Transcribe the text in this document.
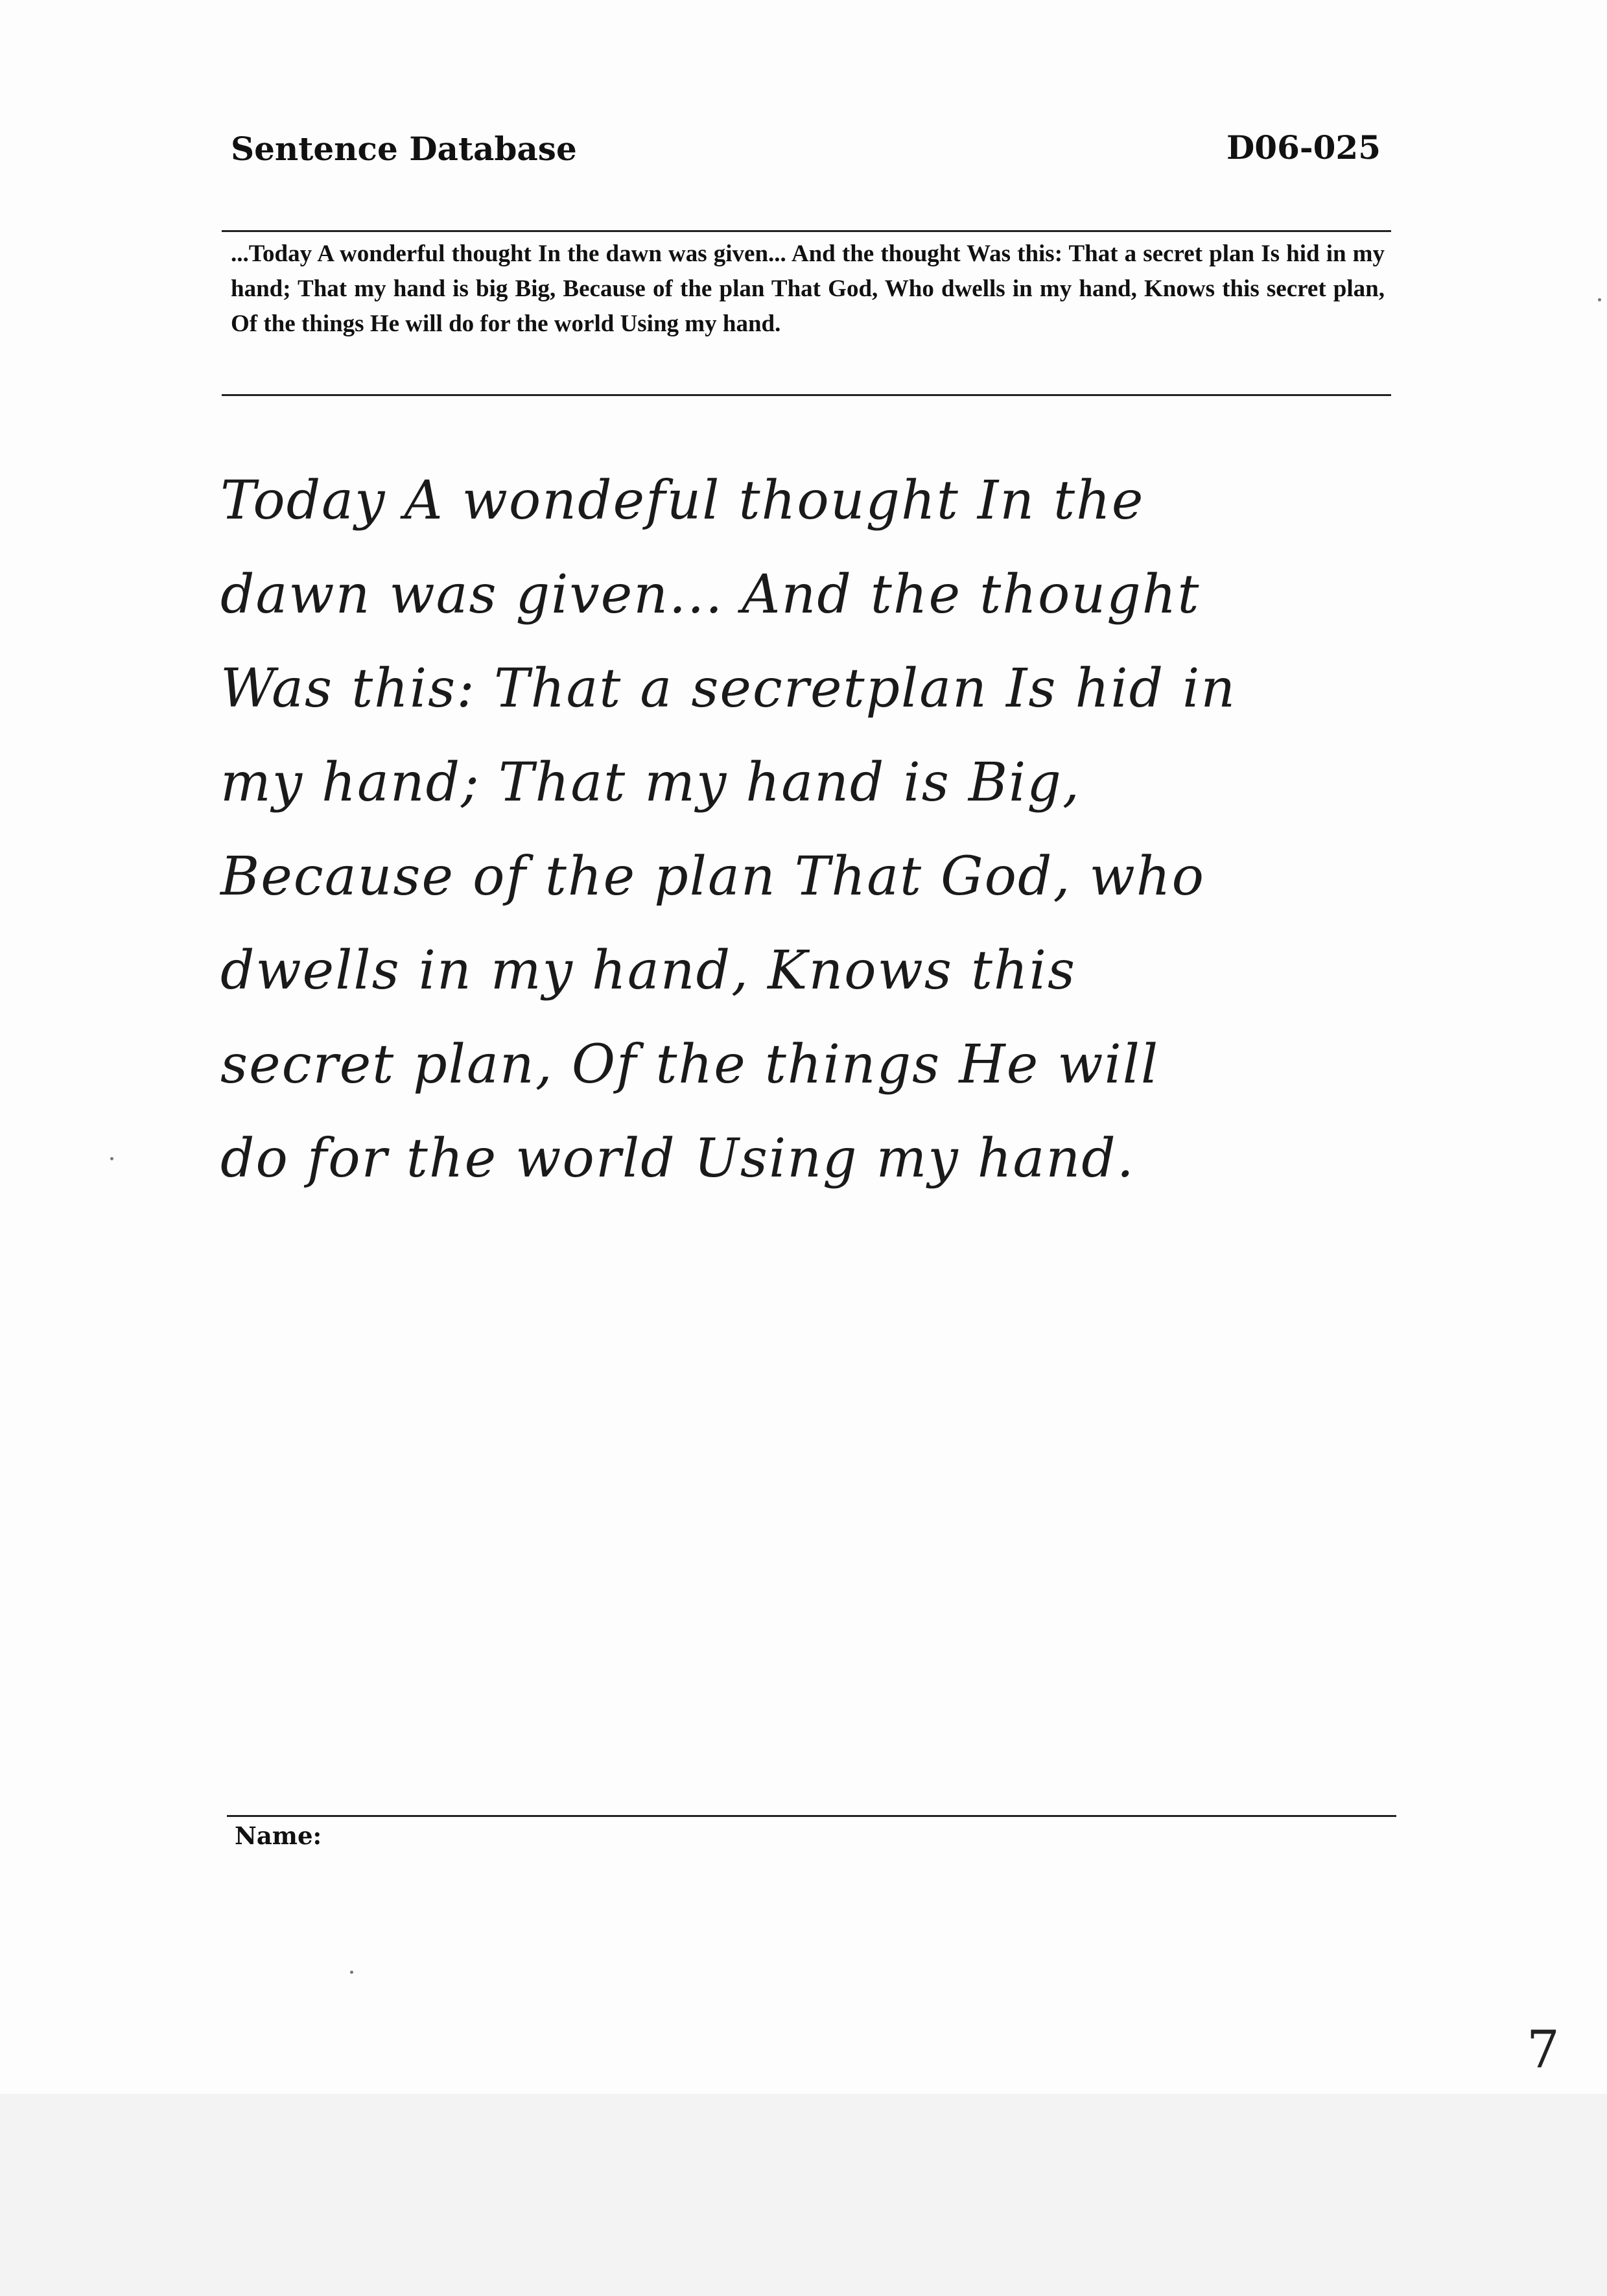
Sentence Database	D06-025
...Today A wonderful thought In the dawn was given... And the thought Was this: That a secret plan Is hid in my hand; That my hand is big Big, Because of the plan That God, Who dwells in my hand, Knows this secret plan, Of the things He will do for the world Using my hand.
Today A wondeful thought In the
dawn was given... And the thought
Was this: That a secretplan Is hid in
my hand; That my hand is Big,
Because of the plan That God, who
dwells in my hand, Knows this
secret plan, Of the things He will
do for the world Using my hand.
Name:
7
